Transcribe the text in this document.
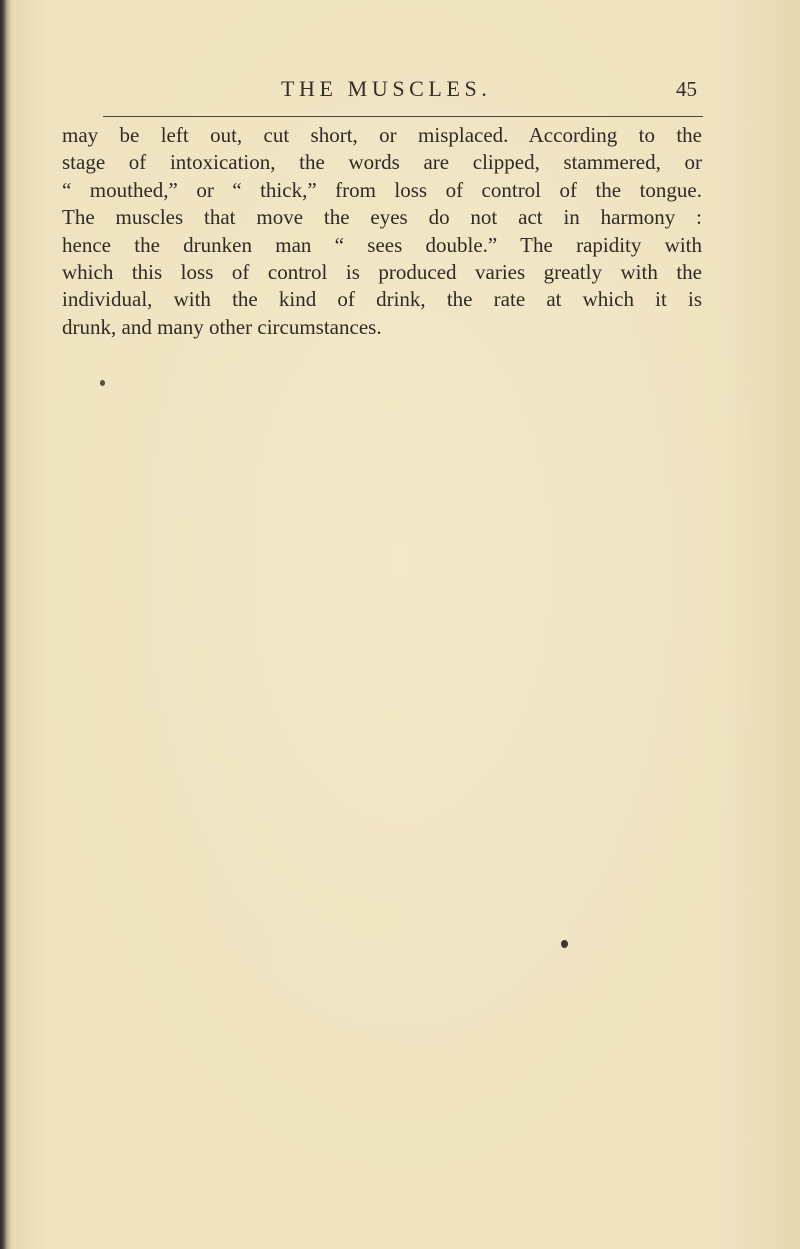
THE MUSCLES.	45
may be left out, cut short, or misplaced. According to the
stage of intoxication, the words are clipped, stammered, or
“ mouthed,” or “ thick,” from loss of control of the tongue.
The muscles that move the eyes do not act in harmony :
hence the drunken man “ sees double.” The rapidity with
which this loss of control is produced varies greatly with the
individual, with the kind of drink, the rate at which it is
drunk, and many other circumstances.
